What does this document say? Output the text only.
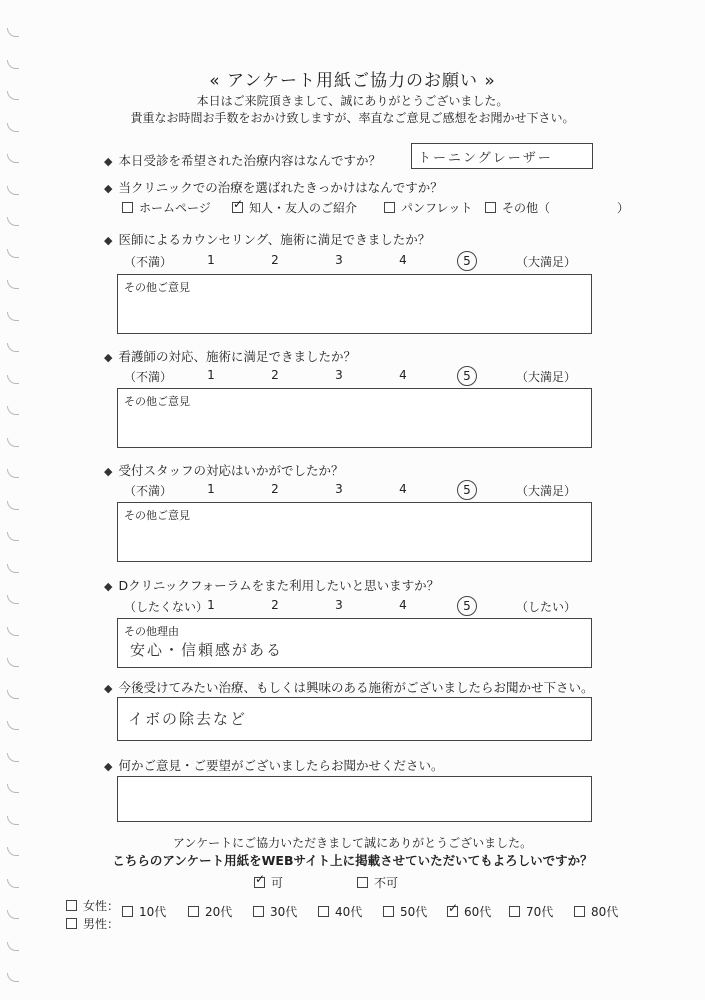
« アンケート用紙ご協力のお願い »
本日はご来院頂きまして、誠にありがとうございました。
貴重なお時間お手数をおかけ致しますが、率直なご意見ご感想をお聞かせ下さい。
◆ 本日受診を希望された治療内容はなんですか？	トーニングレーザー
◆ 当クリニックでの治療を選ばれたきっかけはなんですか？
ホームページ ✓	知人・友人のご紹介	パンフレット	その他（	）
◆ 医師によるカウンセリング、施術に満足できましたか？
（不満）	1	2	3	4	5	（大満足）
その他ご意見
◆ 看護師の対応、施術に満足できましたか？
（不満）	1	2	3	4	5	（大満足）
その他ご意見
◆ 受付スタッフの対応はいかがでしたか？
（不満）	1	2	3	4	5	（大満足）
その他ご意見
◆ Dクリニックフォーラムをまた利用したいと思いますか？
（したくない） 1	2	3	4	5	（したい）
その他理由
安心・信頼感がある
◆ 今後受けてみたい治療、もしくは興味のある施術がございましたらお聞かせ下さい。
イボの除去など
◆ 何かご意見・ご要望がございましたらお聞かせください。
アンケートにご協力いただきまして誠にありがとうございました。
こちらのアンケート用紙をWEBサイト上に掲載させていただいてもよろしいですか？
✓可	不可
女性：
男性：
10代	20代	30代	40代	50代 ✓	60代	70代	80代
